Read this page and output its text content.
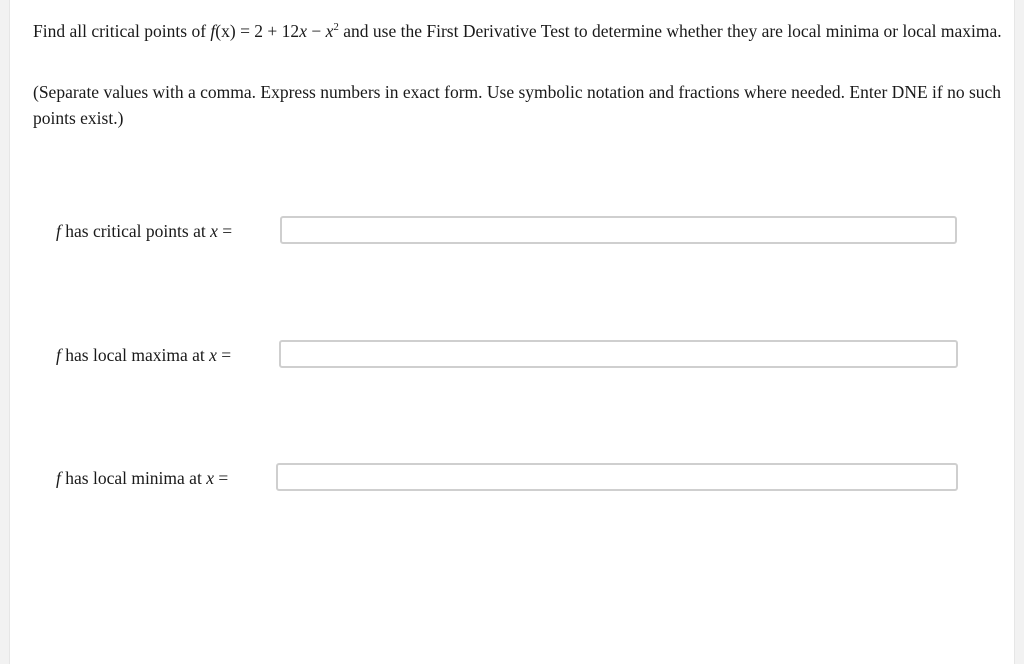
Find all critical points of $f(x) = 2 + 12x - x^2$ and use the First Derivative Test to determine whether they are local minima or local maxima.

(Separate values with a comma. Express numbers in exact form. Use symbolic notation and fractions where needed. Enter DNE if no such points exist.)

f has critical points at x =
f has local maxima at x =
f has local minima at x =
